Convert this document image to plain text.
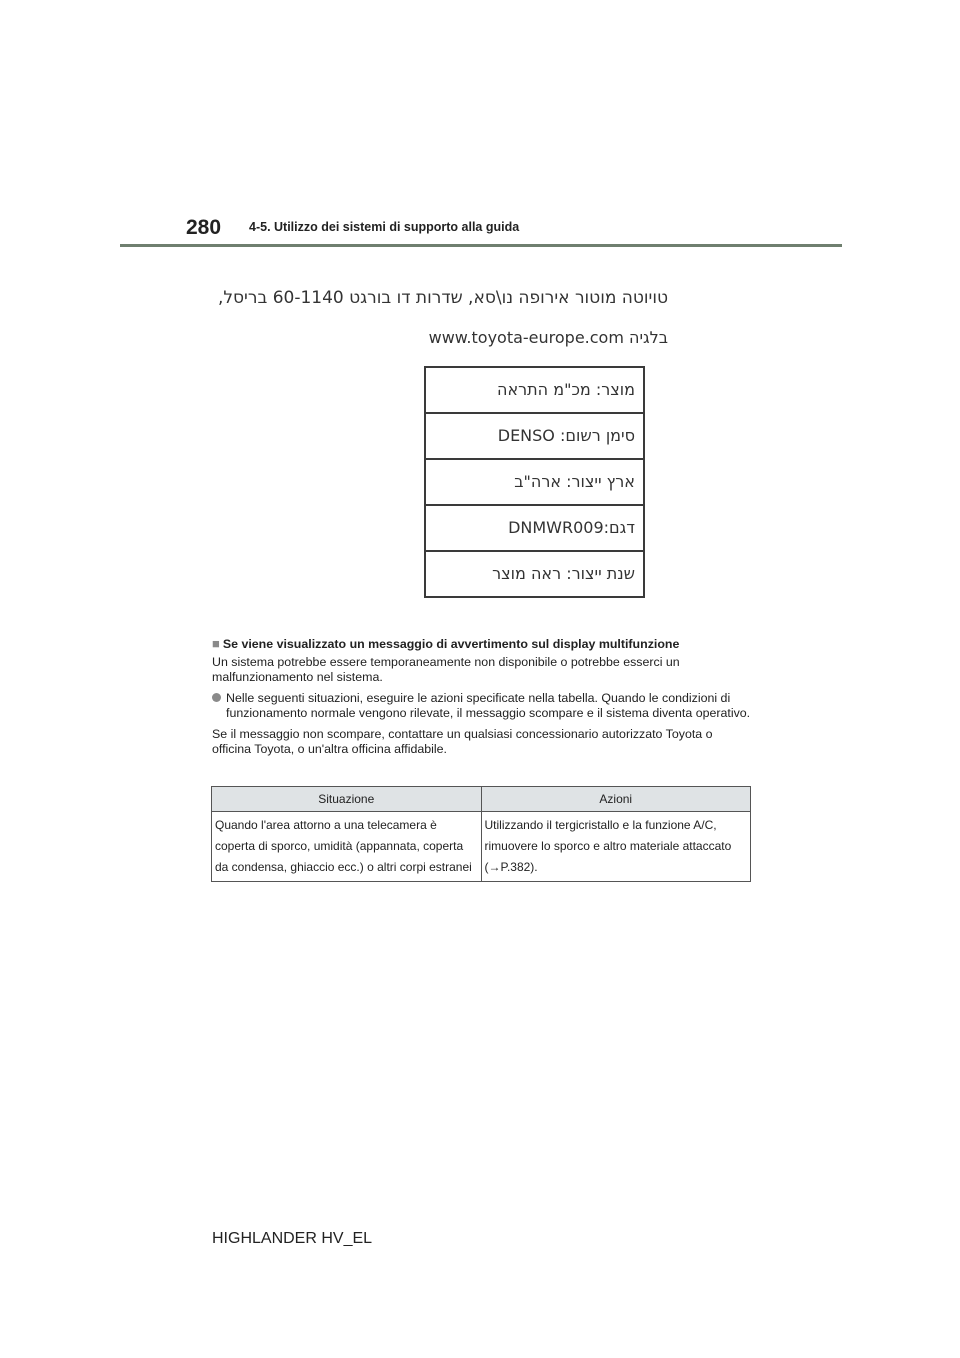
280 4-5. Utilizzo dei sistemi di supporto alla guida
טויוטה מוטור אירופה נו\סא, שדרות דו בורגט 60-1140 בריסל,
בלגיה www.toyota-europe.com
מוצר: מכ"מ התראה
סימן רשום: DENSO
ארץ ייצור: ארה"ב
דגם:DNMWR009
שנת ייצור: ראה מוצר

■ Se viene visualizzato un messaggio di avvertimento sul display multifunzione

Un sistema potrebbe essere temporaneamente non disponibile o potrebbe esserci un malfunzionamento nel sistema.

Nelle seguenti situazioni, eseguire le azioni specificate nella tabella. Quando le condizioni di funzionamento normale vengono rilevate, il messaggio scompare e il sistema diventa operativo.

Se il messaggio non scompare, contattare un qualsiasi concessionario autorizzato Toyota o officina Toyota, o un'altra officina affidabile.

Situazione	Azioni
Quando l'area attorno a una telecamera è coperta di sporco, umidità (appannata, coperta da condensa, ghiaccio ecc.) o altri corpi estranei	Utilizzando il tergicristallo e la funzione A/C, rimuovere lo sporco e altro materiale attaccato (→P.382).
HIGHLANDER HV_EL
